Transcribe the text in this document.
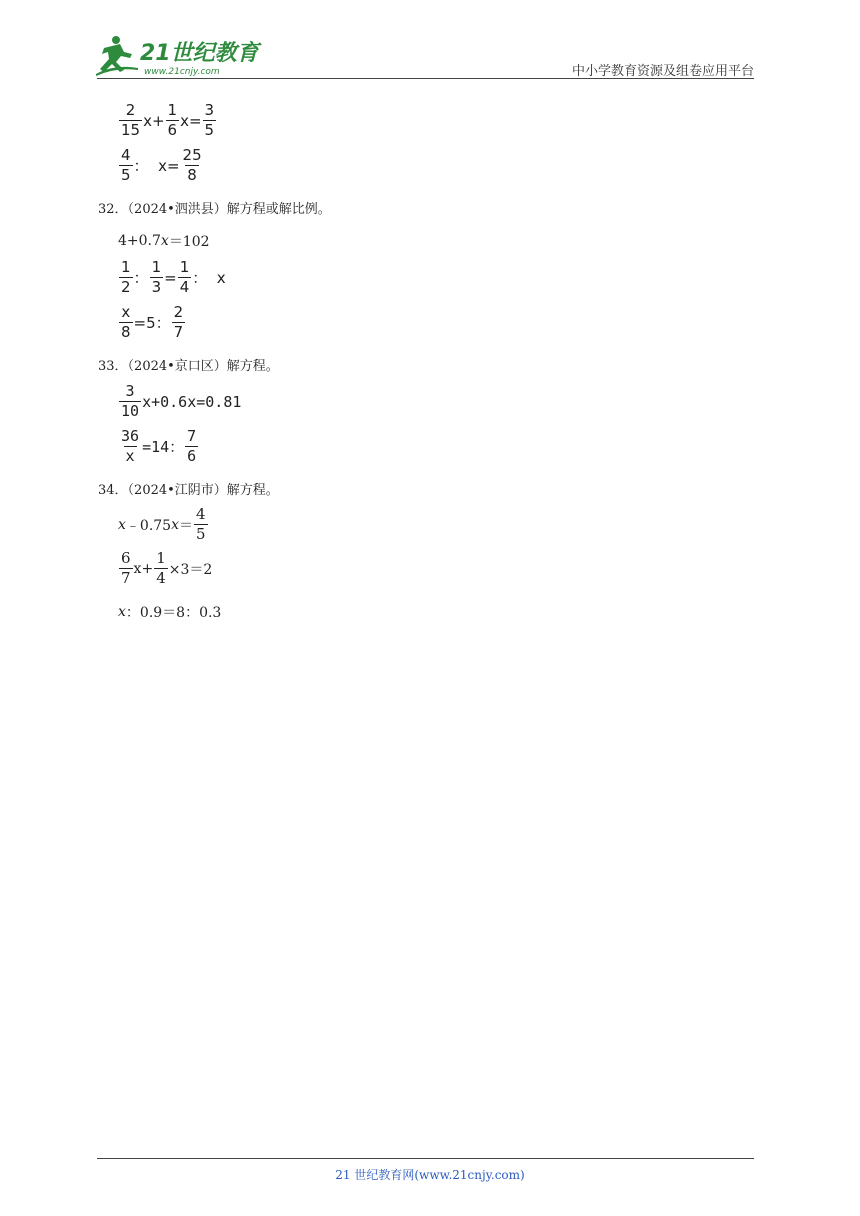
21世纪教育
www.21cnjy.com	中小学教育资源及组卷应用平台
$\frac{2}{15} x+ \frac{1}{6} x= \frac{3}{5}$
$\frac{4}{5}$ ：  $x= \frac{25}{8}$
32．（2024•泗洪县）解方程或解比例。
4+0.7 x ＝102
$\frac{1}{2}$ ： $\frac{1}{3} = \frac{1}{4}$ ：  x
$\frac{x}{8} =5$： $\frac{2}{7}$
33．（2024•京口区）解方程。
$\frac{3}{10} x+0.6x=0.81$
$\frac{36}{x} =14$： $\frac{7}{6}$
34．（2024•江阴市）解方程。
x ﹣0.75 $x = \frac{4}{5}$
$\frac{6}{7} x+ \frac{1}{4} \times 3=2$
x ：0.9＝8：0.3
21 世纪教育网(www.21cnjy.com)
